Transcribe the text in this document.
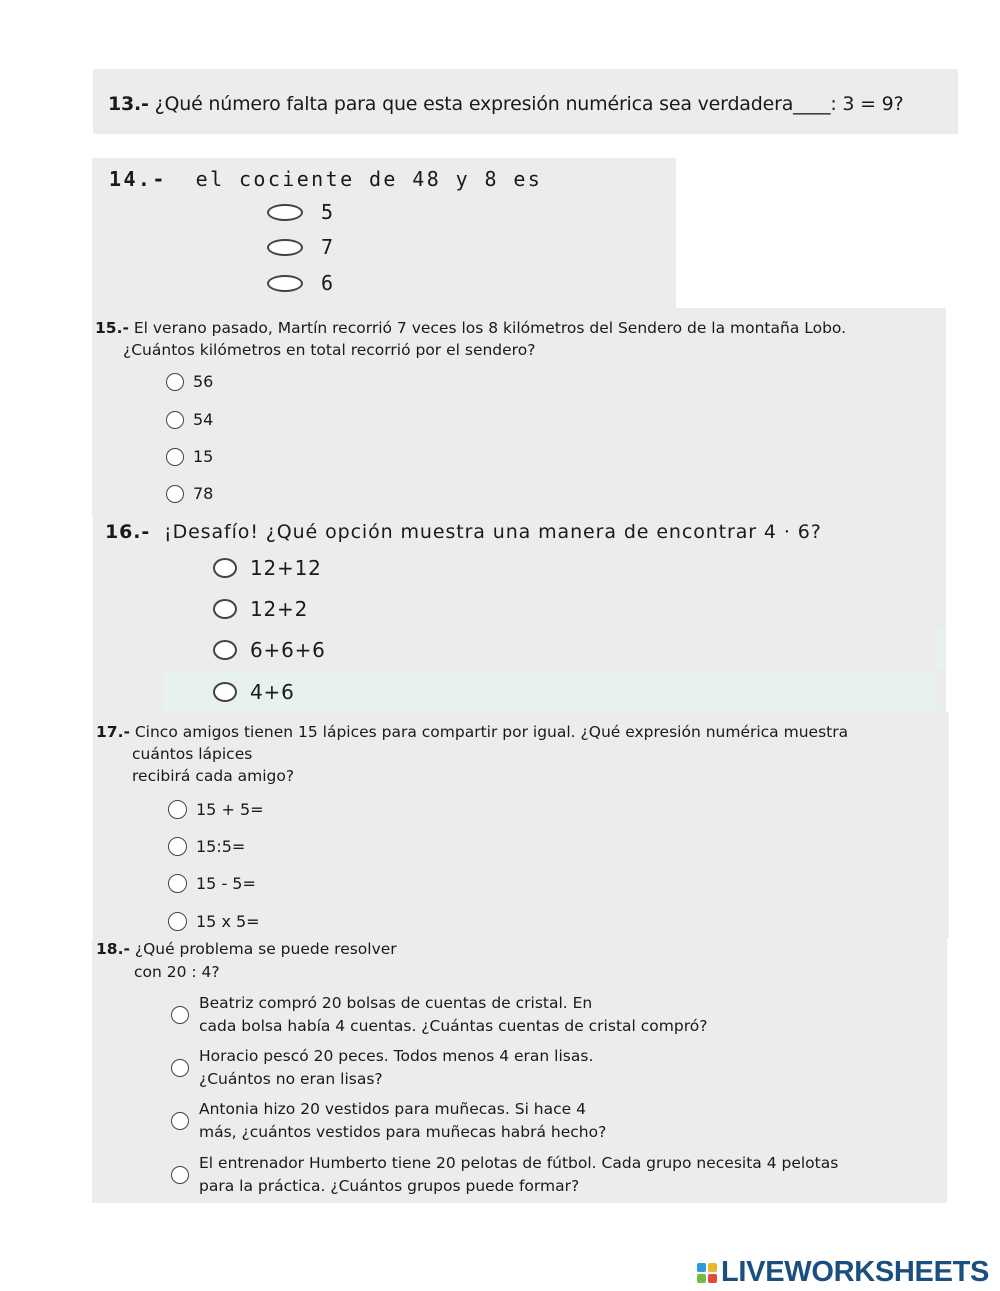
13.- ¿Qué número falta para que esta expresión numérica sea verdadera____: 3 = 9?
14.- el cociente de 48 y 8 es
5
7
6
15.- El verano pasado, Martín recorrió 7 veces los 8 kilómetros del Sendero de la montaña Lobo.
¿Cuántos kilómetros en total recorrió por el sendero?
56
54
15
78
16.- ¡Desafío! ¿Qué opción muestra una manera de encontrar 4 · 6?
12+12
12+2
6+6+6
4+6
17.- Cinco amigos tienen 15 lápices para compartir por igual. ¿Qué expresión numérica muestra
cuántos lápices
recibirá cada amigo?
15 + 5=
15:5=
15 - 5=
15 x 5=
18.- ¿Qué problema se puede resolver
con 20 : 4?
Beatriz compró 20 bolsas de cuentas de cristal. En
cada bolsa había 4 cuentas. ¿Cuántas cuentas de cristal compró?
Horacio pescó 20 peces. Todos menos 4 eran lisas.
¿Cuántos no eran lisas?
Antonia hizo 20 vestidos para muñecas. Si hace 4
más, ¿cuántos vestidos para muñecas habrá hecho?
El entrenador Humberto tiene 20 pelotas de fútbol. Cada grupo necesita 4 pelotas
para la práctica. ¿Cuántos grupos puede formar?
LIVEWORKSHEETS
